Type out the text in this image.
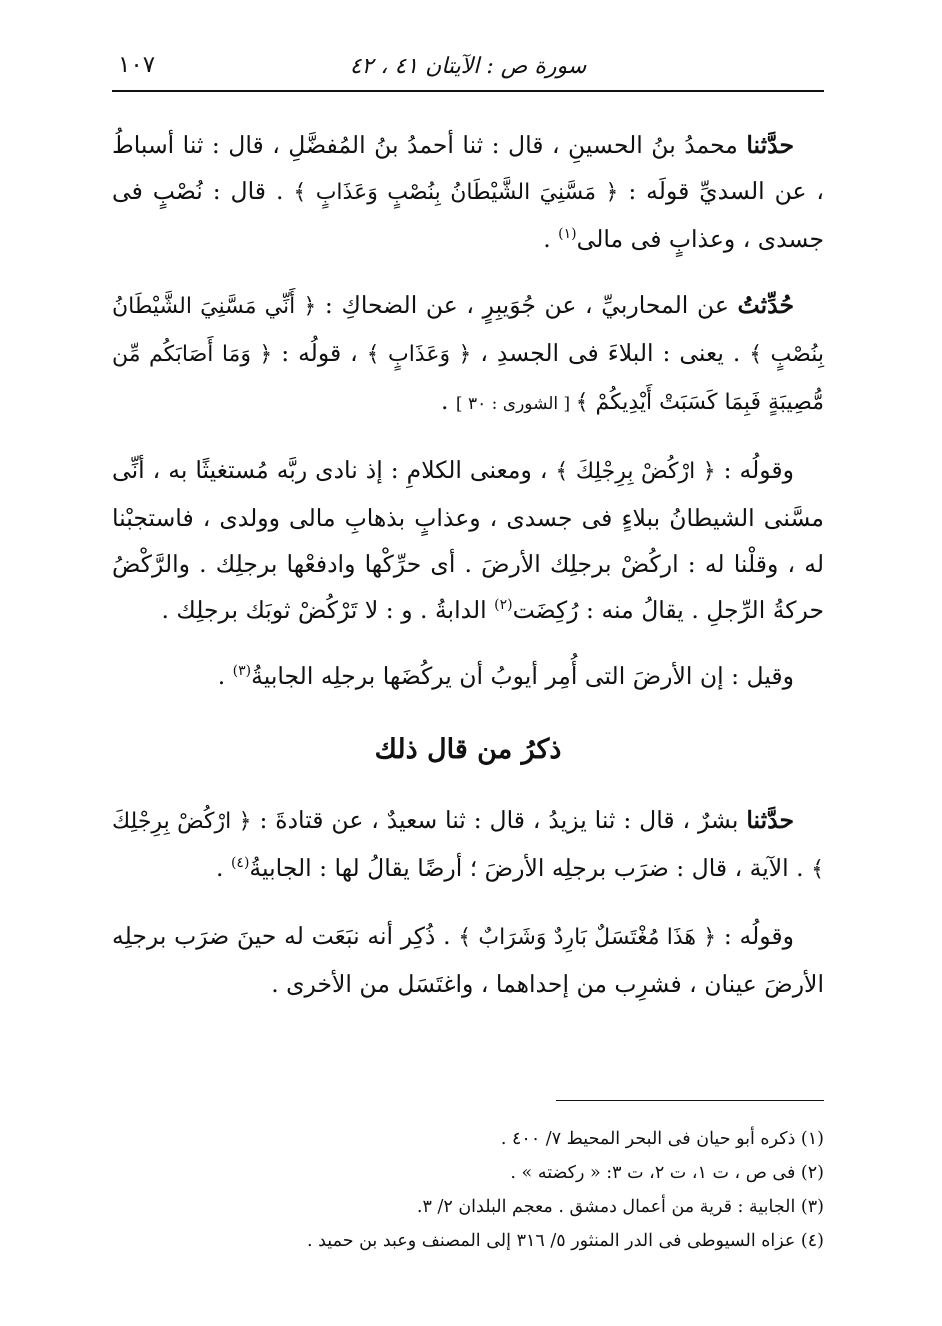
سورة ص : الآيتان ٤١ ، ٤٢
١٠٧

حدَّثنا محمدُ بنُ الحسينِ ، قال : ثنا أحمدُ بنُ المُفضَّلِ ، قال : ثنا أسباطُ ، عن السديِّ قولَه : ﴿ مَسَّنِيَ الشَّيْطَانُ بِنُصْبٍ وَعَذَابٍ ﴾ . قال : نُصْبٍ فى جسدى ، وعذابٍ فى مالى$^{(١)}$ .

حُدِّثتُ عن المحاربيِّ ، عن جُوَيبِرٍ ، عن الضحاكِ : ﴿ أَنِّي مَسَّنِيَ الشَّيْطَانُ بِنُصْبٍ ﴾ . يعنى : البلاءَ فى الجسدِ ، ﴿ وَعَذَابٍ ﴾ ، قولُه : ﴿ وَمَا أَصَابَكُم مِّن مُّصِيبَةٍ فَبِمَا كَسَبَتْ أَيْدِيكُمْ ﴾ [ الشورى : ٣٠ ] .

وقولُه : ﴿ ارْكُضْ بِرِجْلِكَ ﴾ ، ومعنى الكلامِ : إذ نادى ربَّه مُستغيثًا به ، أنِّى مسَّنى الشيطانُ ببلاءٍ فى جسدى ، وعذابٍ بذهابِ مالى وولدى ، فاستجبْنا له ، وقلْنا له : اركُضْ برجلِك الأرضَ . أى حرِّكْها وادفعْها برجلِك . والرَّكْضُ حركةُ الرِّجلِ . يقالُ منه : رُكِضَت$^{(٢)}$ الدابةُ . و : لا تَرْكُضْ ثوبَك برجلِك .

وقيل : إن الأرضَ التى أُمِر أيوبُ أن يركُضَها برجلِه الجابيةُ$^{(٣)}$ .

ذكرُ من قال ذلك

حدَّثنا بشرٌ ، قال : ثنا يزيدُ ، قال : ثنا سعيدٌ ، عن قتادةَ : ﴿ ارْكُضْ بِرِجْلِكَ ﴾ . الآية ، قال : ضرَب برجلِه الأرضَ ؛ أرضًا يقالُ لها : الجابيةُ$^{(٤)}$ .

وقولُه : ﴿ هَذَا مُغْتَسَلٌ بَارِدٌ وَشَرَابٌ ﴾ . ذُكِر أنه نبَعَت له حينَ ضرَب برجلِه الأرضَ عينان ، فشرِب من إحداهما ، واغتَسَل من الأخرى .

(١) ذكره أبو حيان فى البحر المحيط ٧/ ٤٠٠ .
(٢) فى ص ، ت ١، ت ٢، ت ٣: « ركضته » .
(٣) الجابية : قرية من أعمال دمشق . معجم البلدان ٢/ ٣.
(٤) عزاه السيوطى فى الدر المنثور ٥/ ٣١٦ إلى المصنف وعبد بن حميد .
